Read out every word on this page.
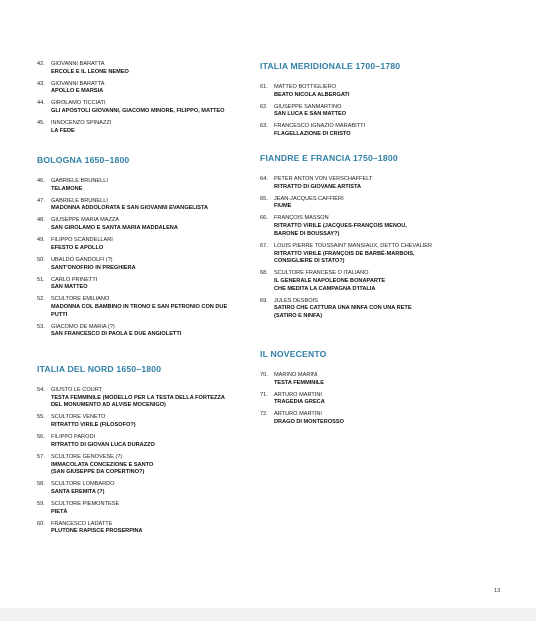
42.	GIOVANNI BARATTA
ERCOLE E IL LEONE NEMEO
43.	GIOVANNI BARATTA
APOLLO E MARSIA
44.	GIROLAMO TICCIATI
GLI APOSTOLI GIOVANNI, GIACOMO MINORE, FILIPPO, MATTEO
45.	INNOCENZO SPINAZZI
LA FEDE
BOLOGNA 1650–1800
46.	GABRIELE BRUNELLI
TELAMONE
47.	GABRIELE BRUNELLI
MADONNA ADDOLORATA E SAN GIOVANNI EVANGELISTA
48.	GIUSEPPE MARIA MAZZA
SAN GIROLAMO E SANTA MARIA MADDALENA
49.	FILIPPO SCANDELLARI
EFESTO E APOLLO
50.	UBALDO GANDOLFI (?)
SANT'ONOFRIO IN PREGHIERA
51.	CARLO PRINETTI
SAN MATTEO
52.	SCULTORE EMILIANO
MADONNA COL BAMBINO IN TRONO E SAN PETRONIO CON DUE
PUTTI
53.	GIACOMO DE MARIA (?)
SAN FRANCESCO DI PAOLA E DUE ANGIOLETTI
ITALIA DEL NORD 1650–1800
54.	GIUSTO LE COURT
TESTA FEMMINILE (MODELLO PER LA TESTA DELLA FORTEZZA
DEL MONUMENTO AD ALVISE MOCENIGO)
55.	SCULTORE VENETO
RITRATTO VIRILE (FILOSOFO?)
56.	FILIPPO PARODI
RITRATTO DI GIOVAN LUCA DURAZZO
57.	SCULTORE GENOVESE (?)
IMMACOLATA CONCEZIONE E SANTO
(SAN GIUSEPPE DA COPERTINO?)
58.	SCULTORE LOMBARDO
SANTA EREMITA (?)
59.	SCULTORE PIEMONTESE
PIETÀ
60.	FRANCESCO LADATTE
PLUTONE RAPISCE PROSERPINA
ITALIA MERIDIONALE 1700–1780
61.	MATTEO BOTTIGLIERO
BEATO NICOLA ALBERGATI
62.	GIUSEPPE SANMARTINO
SAN LUCA E SAN MATTEO
63.	FRANCESCO IGNAZIO MARABITTI
FLAGELLAZIONE DI CRISTO
FIANDRE E FRANCIA 1750–1800
64.	PETER ANTON VON VERSCHAFFELT
RITRATTO DI GIOVANE ARTISTA
65.	JEAN-JACQUES CAFFIERI
FIUME
66.	FRANÇOIS MASSON
RITRATTO VIRILE (JACQUES-FRANÇOIS MENOU,
BARONE DI BOUSSAY?)
67.	LOUIS PIERRE TOUSSAINT MANSIAUX, DETTO CHEVALIER
RITRATTO VIRILE (FRANÇOIS DE BARBÉ-MARBOIS,
CONSIGLIERE DI STATO?)
68.	SCULTORE FRANCESE O ITALIANO
IL GENERALE NAPOLEONE BONAPARTE
CHE MEDITA LA CAMPAGNA D'ITALIA
69.	JULES DESBOIS
SATIRO CHE CATTURA UNA NINFA CON UNA RETE
(SATIRO E NINFA)
IL NOVECENTO
70.	MARINO MARINI
TESTA FEMMINILE
71.	ARTURO MARTINI
TRAGEDIA GRECA
72.	ARTURO MARTINI
DRAGO DI MONTEROSSO
13
